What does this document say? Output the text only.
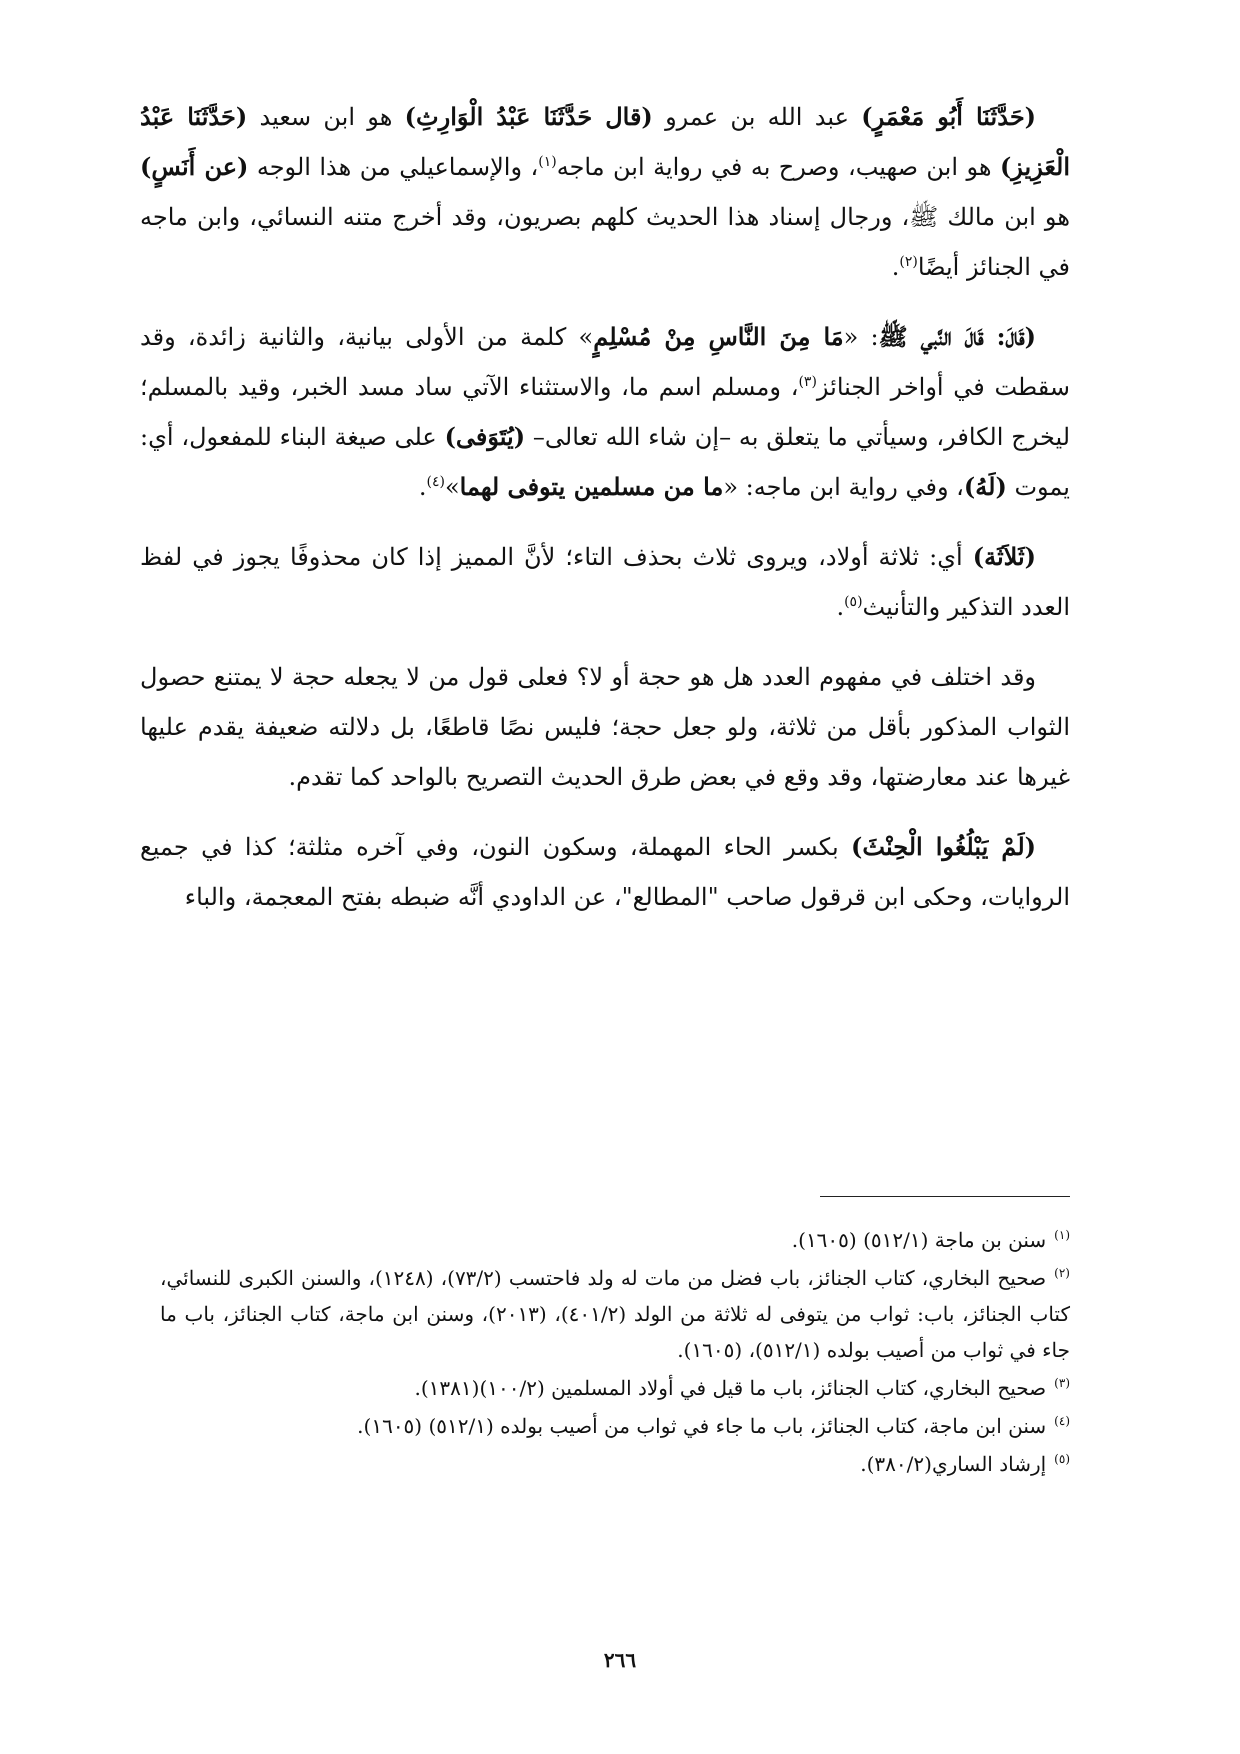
(حَدَّثَنَا أَبُو مَعْمَرٍ) عبد الله بن عمرو (قال حَدَّثَنَا عَبْدُ الْوَارِثِ) هو ابن سعيد (حَدَّثَنَا عَبْدُ الْعَزِيزِ) هو ابن صهيب، وصرح به في رواية ابن ماجه$^{(١)}$، والإسماعيلي من هذا الوجه (عن أَنَسٍ) هو ابن مالك ﷺ، ورجال إسناد هذا الحديث كلهم بصريون، وقد أخرج متنه النسائي، وابن ماجه في الجنائز أيضًا$^{(٢)}$.

(قَالَ: قَالَ النَّبي ﷺ: «مَا مِنَ النَّاسِ مِنْ مُسْلِمٍ» كلمة من الأولى بيانية، والثانية زائدة، وقد سقطت في أواخر الجنائز$^{(٣)}$، ومسلم اسم ما، والاستثناء الآتي ساد مسد الخبر، وقيد بالمسلم؛ ليخرج الكافر، وسيأتي ما يتعلق به –إن شاء الله تعالى– (يُتَوَفى) على صيغة البناء للمفعول، أي: يموت (لَهُ)، وفي رواية ابن ماجه: «ما من مسلمين يتوفى لهما»$^{(٤)}$.

(ثَلاَثَة) أي: ثلاثة أولاد، ويروى ثلاث بحذف التاء؛ لأنَّ المميز إذا كان محذوفًا يجوز في لفظ العدد التذكير والتأنيث$^{(٥)}$.

وقد اختلف في مفهوم العدد هل هو حجة أو لا؟ فعلى قول من لا يجعله حجة لا يمتنع حصول الثواب المذكور بأقل من ثلاثة، ولو جعل حجة؛ فليس نصًا قاطعًا، بل دلالته ضعيفة يقدم عليها غيرها عند معارضتها، وقد وقع في بعض طرق الحديث التصريح بالواحد كما تقدم.

(لَمْ يَبْلُغُوا الْحِنْثَ) بكسر الحاء المهملة، وسكون النون، وفي آخره مثلثة؛ كذا في جميع الروايات، وحكى ابن قرقول صاحب "المطالع"، عن الداودي أنَّه ضبطه بفتح المعجمة، والباء

$^{(١)}$سنن بن ماجة (٥١٢/١) (١٦٠٥).

$^{(٢)}$صحيح البخاري، كتاب الجنائز، باب فضل من مات له ولد فاحتسب (٧٣/٢)، (١٢٤٨)، والسنن الكبرى للنسائي، كتاب الجنائز، باب: ثواب من يتوفى له ثلاثة من الولد (٤٠١/٢)، (٢٠١٣)، وسنن ابن ماجة، كتاب الجنائز، باب ما جاء في ثواب من أصيب بولده (٥١٢/١)، (١٦٠٥).

$^{(٣)}$صحيح البخاري، كتاب الجنائز، باب ما قيل في أولاد المسلمين (١٠٠/٢)(١٣٨١).

$^{(٤)}$سنن ابن ماجة، كتاب الجنائز، باب ما جاء في ثواب من أصيب بولده (٥١٢/١) (١٦٠٥).

$^{(٥)}$إرشاد الساري(٣٨٠/٢).

٢٦٦
